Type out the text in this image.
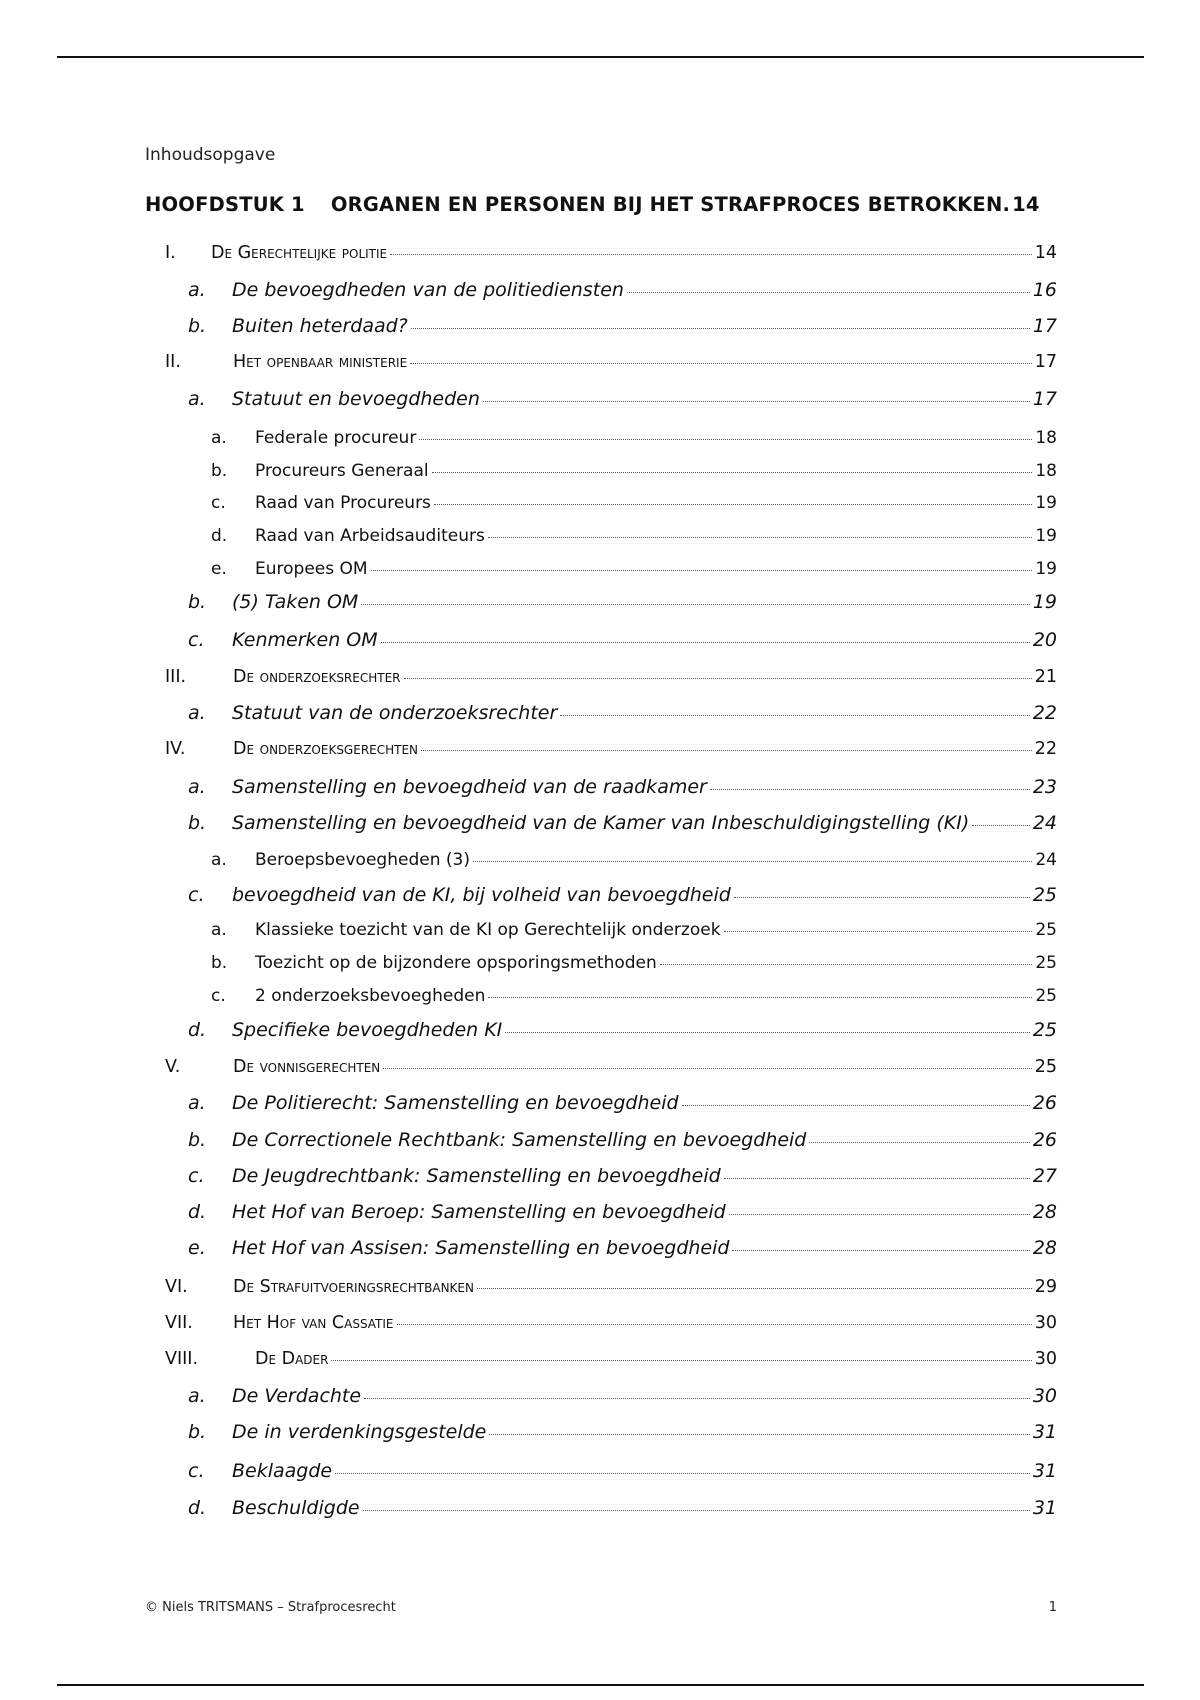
Inhoudsopgave
HOOFDSTUK 1 ORGANEN EN PERSONEN BIJ HET STRAFPROCES BETROKKEN. 14
I.	De Gerechtelijke politie	14
a.	De bevoegdheden van de politiediensten	16
b.	Buiten heterdaad?	17
II.	Het openbaar ministerie	17
a.	Statuut en bevoegdheden	17
a.	Federale procureur	18
b.	Procureurs Generaal	18
c.	Raad van Procureurs	19
d.	Raad van Arbeidsauditeurs	19
e.	Europees OM	19
b.	(5) Taken OM	19
c.	Kenmerken OM	20
III.	De onderzoeksrechter	21
a.	Statuut van de onderzoeksrechter	22
IV.	De onderzoeksgerechten	22
a.	Samenstelling en bevoegdheid van de raadkamer	23
b.	Samenstelling en bevoegdheid van de Kamer van Inbeschuldigingstelling (KI)	24
a.	Beroepsbevoegheden (3)	24
c.	bevoegdheid van de KI, bij volheid van bevoegdheid	25
a.	Klassieke toezicht van de KI op Gerechtelijk onderzoek	25
b.	Toezicht op de bijzondere opsporingsmethoden	25
c.	2 onderzoeksbevoegheden	25
d.	Specifieke bevoegdheden KI	25
V.	De vonnisgerechten	25
a.	De Politierecht: Samenstelling en bevoegdheid	26
b.	De Correctionele Rechtbank: Samenstelling en bevoegdheid	26
c.	De Jeugdrechtbank: Samenstelling en bevoegdheid	27
d.	Het Hof van Beroep: Samenstelling en bevoegdheid	28
e.	Het Hof van Assisen: Samenstelling en bevoegdheid	28
VI.	De Strafuitvoeringsrechtbanken	29
VII.	Het Hof van Cassatie	30
VIII.	De Dader	30
a.	De Verdachte	30
b.	De in verdenkingsgestelde	31
c.	Beklaagde	31
d.	Beschuldigde	31
© Niels TRITSMANS – Strafprocesrecht	1
